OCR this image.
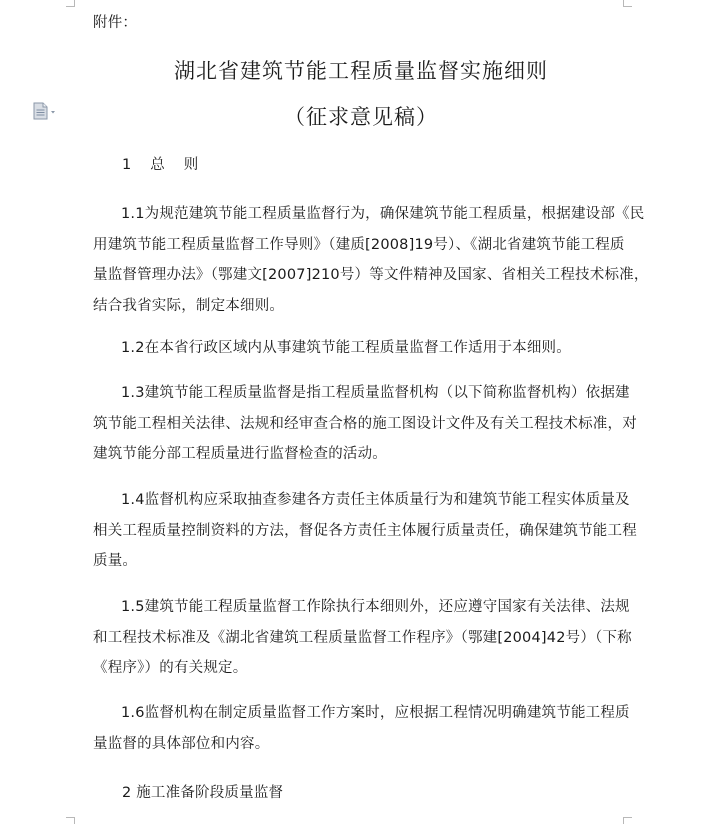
附件：
湖北省建筑节能工程质量监督实施细则
（征求意见稿）
1 总 则
1.1为规范建筑节能工程质量监督行为，确保建筑节能工程质量，根据建设部《民
用建筑节能工程质量监督工作导则》（建质[2008]19号）、《湖北省建筑节能工程质
量监督管理办法》（鄂建文[2007]210号）等文件精神及国家、省相关工程技术标准，
结合我省实际，制定本细则。
1.2在本省行政区域内从事建筑节能工程质量监督工作适用于本细则。
1.3建筑节能工程质量监督是指工程质量监督机构（以下简称监督机构）依据建
筑节能工程相关法律、法规和经审查合格的施工图设计文件及有关工程技术标准，对
建筑节能分部工程质量进行监督检查的活动。
1.4监督机构应采取抽查参建各方责任主体质量行为和建筑节能工程实体质量及
相关工程质量控制资料的方法，督促各方责任主体履行质量责任，确保建筑节能工程
质量。
1.5建筑节能工程质量监督工作除执行本细则外，还应遵守国家有关法律、法规
和工程技术标准及《湖北省建筑工程质量监督工作程序》（鄂建[2004]42号）（下称
《程序》）的有关规定。
1.6监督机构在制定质量监督工作方案时，应根据工程情况明确建筑节能工程质
量监督的具体部位和内容。
2 施工准备阶段质量监督
